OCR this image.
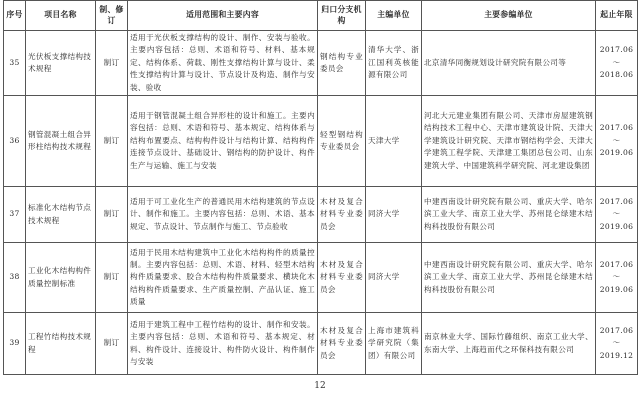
序号	项目名称	制、修订	适用范围和主要内容	归口分支机构	主编单位	主要参编单位	起止年限
35	光伏板支撑结构技术规程	制订	适用于光伏板支撑结构的设计、制作、安装与验收。主要内容包括：总则、术语和符号、材料、基本规定、结构体系、荷载、刚性支撑结构计算与设计、柔性支撑结构计算与设计、节点设计及构造、制作与安装、验收	钢结构专业委员会	清华大学、浙江国利英核能源有限公司	北京清华同衡规划设计研究院有限公司等	2017.06
～
2018.06

36	钢管混凝土组合异形柱结构技术规程	制订	适用于钢管混凝土组合异形柱的设计和施工。主要内容包括：总则、术语和符号、基本规定、结构体系与结构布置要点、结构构件设计与结构计算、结构构件连接节点设计、基础设计、钢结构的防护设计、构件生产与运输、施工与安装	轻型钢结构专业委员会	天津大学	河北大元建业集团有限公司、天津市房屋建筑钢结构技术工程中心、天津市建筑设计院、天津大学建筑设计研究院、天津市钢结构学会、天津大学建筑工程学院、天津建工集团总包公司、山东建筑大学、中国建筑科学研究院、河北建设集团	2017.06
～
2019.06

37	标准化木结构节点技术规程	制订	适用于可工业化生产的普通民用木结构建筑的节点设计、制作和施工。主要内容包括：总则、术语、基本规定、节点设计、节点制作与施工、节点验收	木材及复合材料专业委员会	同济大学	中建西南设计研究院有限公司、重庆大学、哈尔滨工业大学、南京工业大学、苏州昆仑绿建木结构科技股份有限公司	2017.06
～
2019.06

38	工业化木结构构件质量控制标准	制订	适用于民用木结构建筑中工业化木结构构件的质量控制。主要内容包括：总则、术语、材料、轻型木结构构件质量要求、胶合木结构构件质量要求、横块化木结构构件质量要求、生产质量控制、产品认证、施工质量	木材及复合材料专业委员会	同济大学	中建西南设计研究院有限公司、重庆大学、哈尔滨工业大学、南京工业大学、苏州昆仑绿建木结构科技股份有限公司	2017.06
～
2019.06

39	工程竹结构技术规程	制订	适用于建筑工程中工程竹结构的设计、制作和安装。主要内容包括：总则、术语和符号、基本规定、材料、构件设计、连接设计、构件防火设计、构件制作与安装	木材及复合材料专业委员会	上海市建筑科学研究院（集团）有限公司	南京林业大学、国际竹藤组织、南京工业大学、东南大学、上海趋而代之环保科技有限公司	2017.06
～
2019.12
12
